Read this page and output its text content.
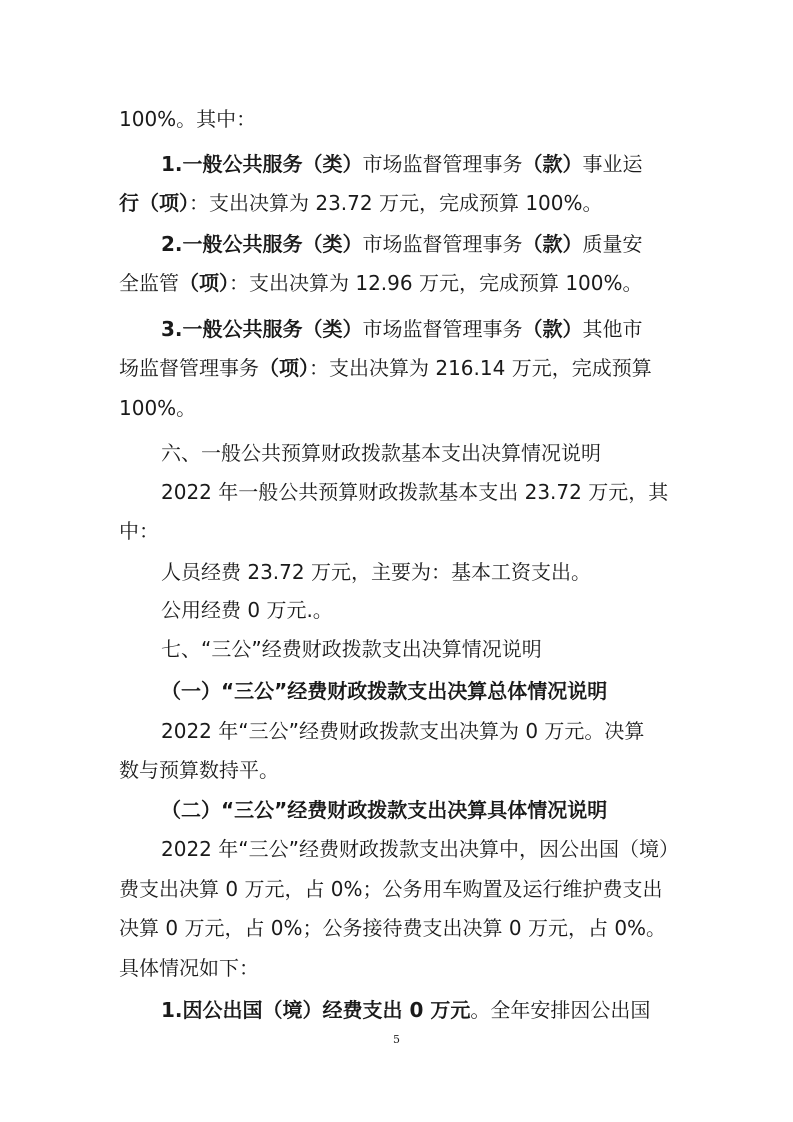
100%。其中：
1.一般公共服务（类）市场监督管理事务（款）事业运
行（项）：支出决算为 23.72 万元，完成预算 100%。
2.一般公共服务（类）市场监督管理事务（款）质量安
全监管（项）：支出决算为 12.96 万元，完成预算 100%。
3.一般公共服务（类）市场监督管理事务（款）其他市
场监督管理事务（项）：支出决算为 216.14 万元，完成预算
100%。
六、一般公共预算财政拨款基本支出决算情况说明
2022 年一般公共预算财政拨款基本支出 23.72 万元，其
中：
人员经费 23.72 万元，主要为：基本工资支出。
公用经费 0 万元.。
七、“三公”经费财政拨款支出决算情况说明
（一）“三公”经费财政拨款支出决算总体情况说明
2022 年“三公”经费财政拨款支出决算为 0 万元。决算
数与预算数持平。
（二）“三公”经费财政拨款支出决算具体情况说明
2022 年“三公”经费财政拨款支出决算中，因公出国（境）
费支出决算 0 万元，占 0%；公务用车购置及运行维护费支出
决算 0 万元，占 0%；公务接待费支出决算 0 万元，占 0%。
具体情况如下：
1.因公出国（境）经费支出 0 万元。全年安排因公出国
5
